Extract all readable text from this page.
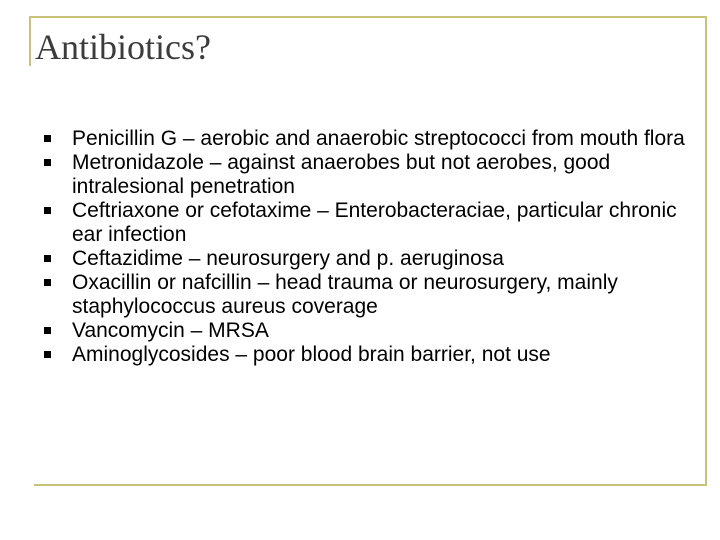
Antibiotics?
Penicillin G – aerobic and anaerobic streptococci from mouth flora
Metronidazole – against anaerobes but not aerobes, good intralesional penetration
Ceftriaxone or cefotaxime – Enterobacteraciae, particular chronic ear infection
Ceftazidime – neurosurgery and p. aeruginosa
Oxacillin or nafcillin – head trauma or neurosurgery, mainly staphylococcus aureus coverage
Vancomycin – MRSA
Aminoglycosides – poor blood brain barrier, not use
